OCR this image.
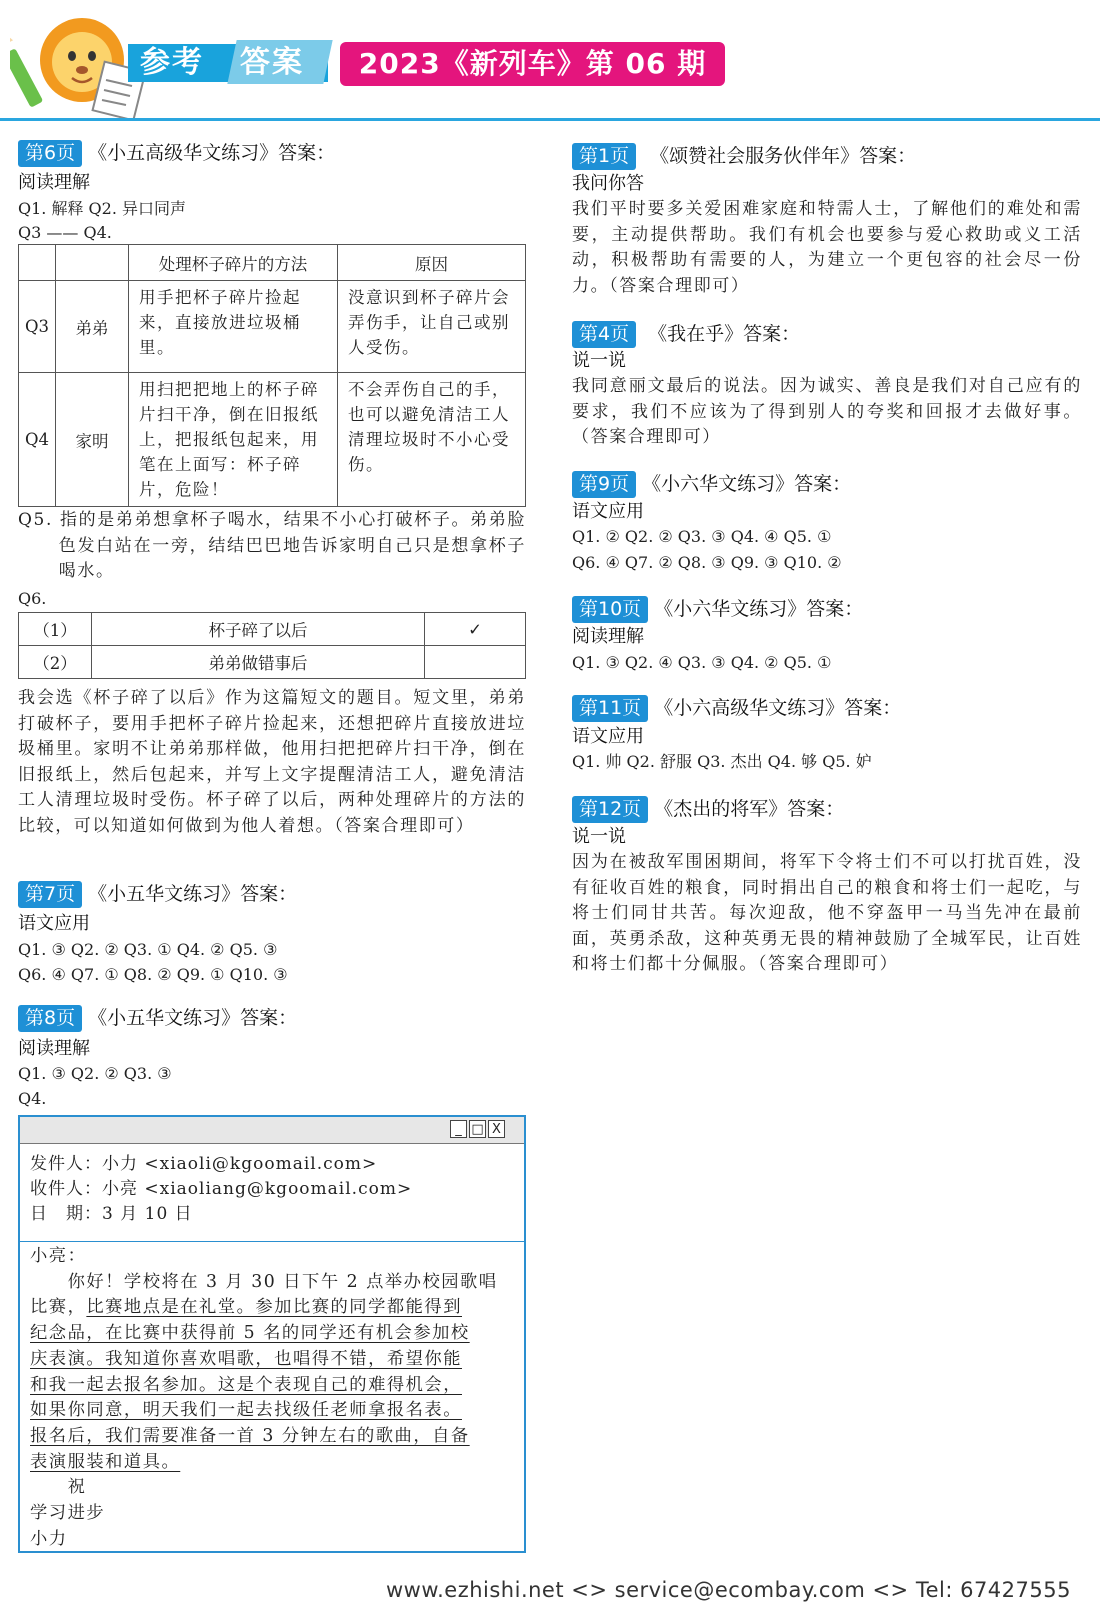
参考 答案	2023《新列车》第 06 期
第6页 《小五高级华文练习》答案：
阅读理解
Q1. 解释 Q2. 异口同声
Q3 —— Q4.
		处理杯子碎片的方法	原因
Q3	弟弟	用手把杯子碎片捡起来，直接放进垃圾桶里。	没意识到杯子碎片会弄伤手，让自己或别人受伤。
Q4	家明	用扫把把地上的杯子碎片扫干净，倒在旧报纸上，把报纸包起来，用笔在上面写：杯子碎片，危险！	不会弄伤自己的手，也可以避免清洁工人清理垃圾时不小心受伤。
Q5. 指的是弟弟想拿杯子喝水，结果不小心打破杯子。弟弟脸色发白站在一旁，结结巴巴地告诉家明自己只是想拿杯子喝水。
Q6.
（1）	杯子碎了以后	✓
（2）	弟弟做错事后	
我会选《杯子碎了以后》作为这篇短文的题目。短文里，弟弟打破杯子，要用手把杯子碎片捡起来，还想把碎片直接放进垃圾桶里。家明不让弟弟那样做，他用扫把把碎片扫干净，倒在旧报纸上，然后包起来，并写上文字提醒清洁工人，避免清洁工人清理垃圾时受伤。杯子碎了以后，两种处理碎片的方法的比较，可以知道如何做到为他人着想。（答案合理即可）
第7页 《小五华文练习》答案：
语文应用
Q1. ③ Q2. ② Q3. ① Q4. ② Q5. ③
Q6. ④ Q7. ① Q8. ② Q9. ① Q10. ③
第8页 《小五华文练习》答案：
阅读理解
Q1. ③ Q2. ② Q3. ③
Q4.
_ □ X
发件人：小力 <xiaoli@kgoomail.com>
收件人：小亮 <xiaoliang@kgoomail.com>
日　期：3 月 10 日
小亮：
　　你好！学校将在 3 月 30 日下午 2 点举办校园歌唱
比赛，比赛地点是在礼堂。参加比赛的同学都能得到
纪念品，在比赛中获得前 5 名的同学还有机会参加校
庆表演。我知道你喜欢唱歌，也唱得不错，希望你能
和我一起去报名参加。这是个表现自己的难得机会，
如果你同意，明天我们一起去找级任老师拿报名表。
报名后，我们需要准备一首 3 分钟左右的歌曲，自备
表演服装和道具。
　　祝
学习进步
小力
第1页 《颂赞社会服务伙伴年》答案：
我问你答
我们平时要多关爱困难家庭和特需人士，了解他们的难处和需要，主动提供帮助。我们有机会也要参与爱心救助或义工活动，积极帮助有需要的人，为建立一个更包容的社会尽一份力。（答案合理即可）
第4页 《我在乎》答案：
说一说
我同意丽文最后的说法。因为诚实、善良是我们对自己应有的要求，我们不应该为了得到别人的夸奖和回报才去做好事。（答案合理即可）
第9页 《小六华文练习》答案：
语文应用
Q1. ② Q2. ② Q3. ③ Q4. ④ Q5. ①
Q6. ④ Q7. ② Q8. ③ Q9. ③ Q10. ②
第10页 《小六华文练习》答案：
阅读理解
Q1. ③ Q2. ④ Q3. ③ Q4. ② Q5. ①
第11页 《小六高级华文练习》答案：
语文应用
Q1. 帅 Q2. 舒服 Q3. 杰出 Q4. 够 Q5. 妒
第12页 《杰出的将军》答案：
说一说
因为在被敌军围困期间，将军下令将士们不可以打扰百姓，没有征收百姓的粮食，同时捐出自己的粮食和将士们一起吃，与将士们同甘共苦。每次迎敌，他不穿盔甲一马当先冲在最前面，英勇杀敌，这种英勇无畏的精神鼓励了全城军民，让百姓和将士们都十分佩服。（答案合理即可）
www.ezhishi.net <> service@ecombay.com <> Tel: 67427555
